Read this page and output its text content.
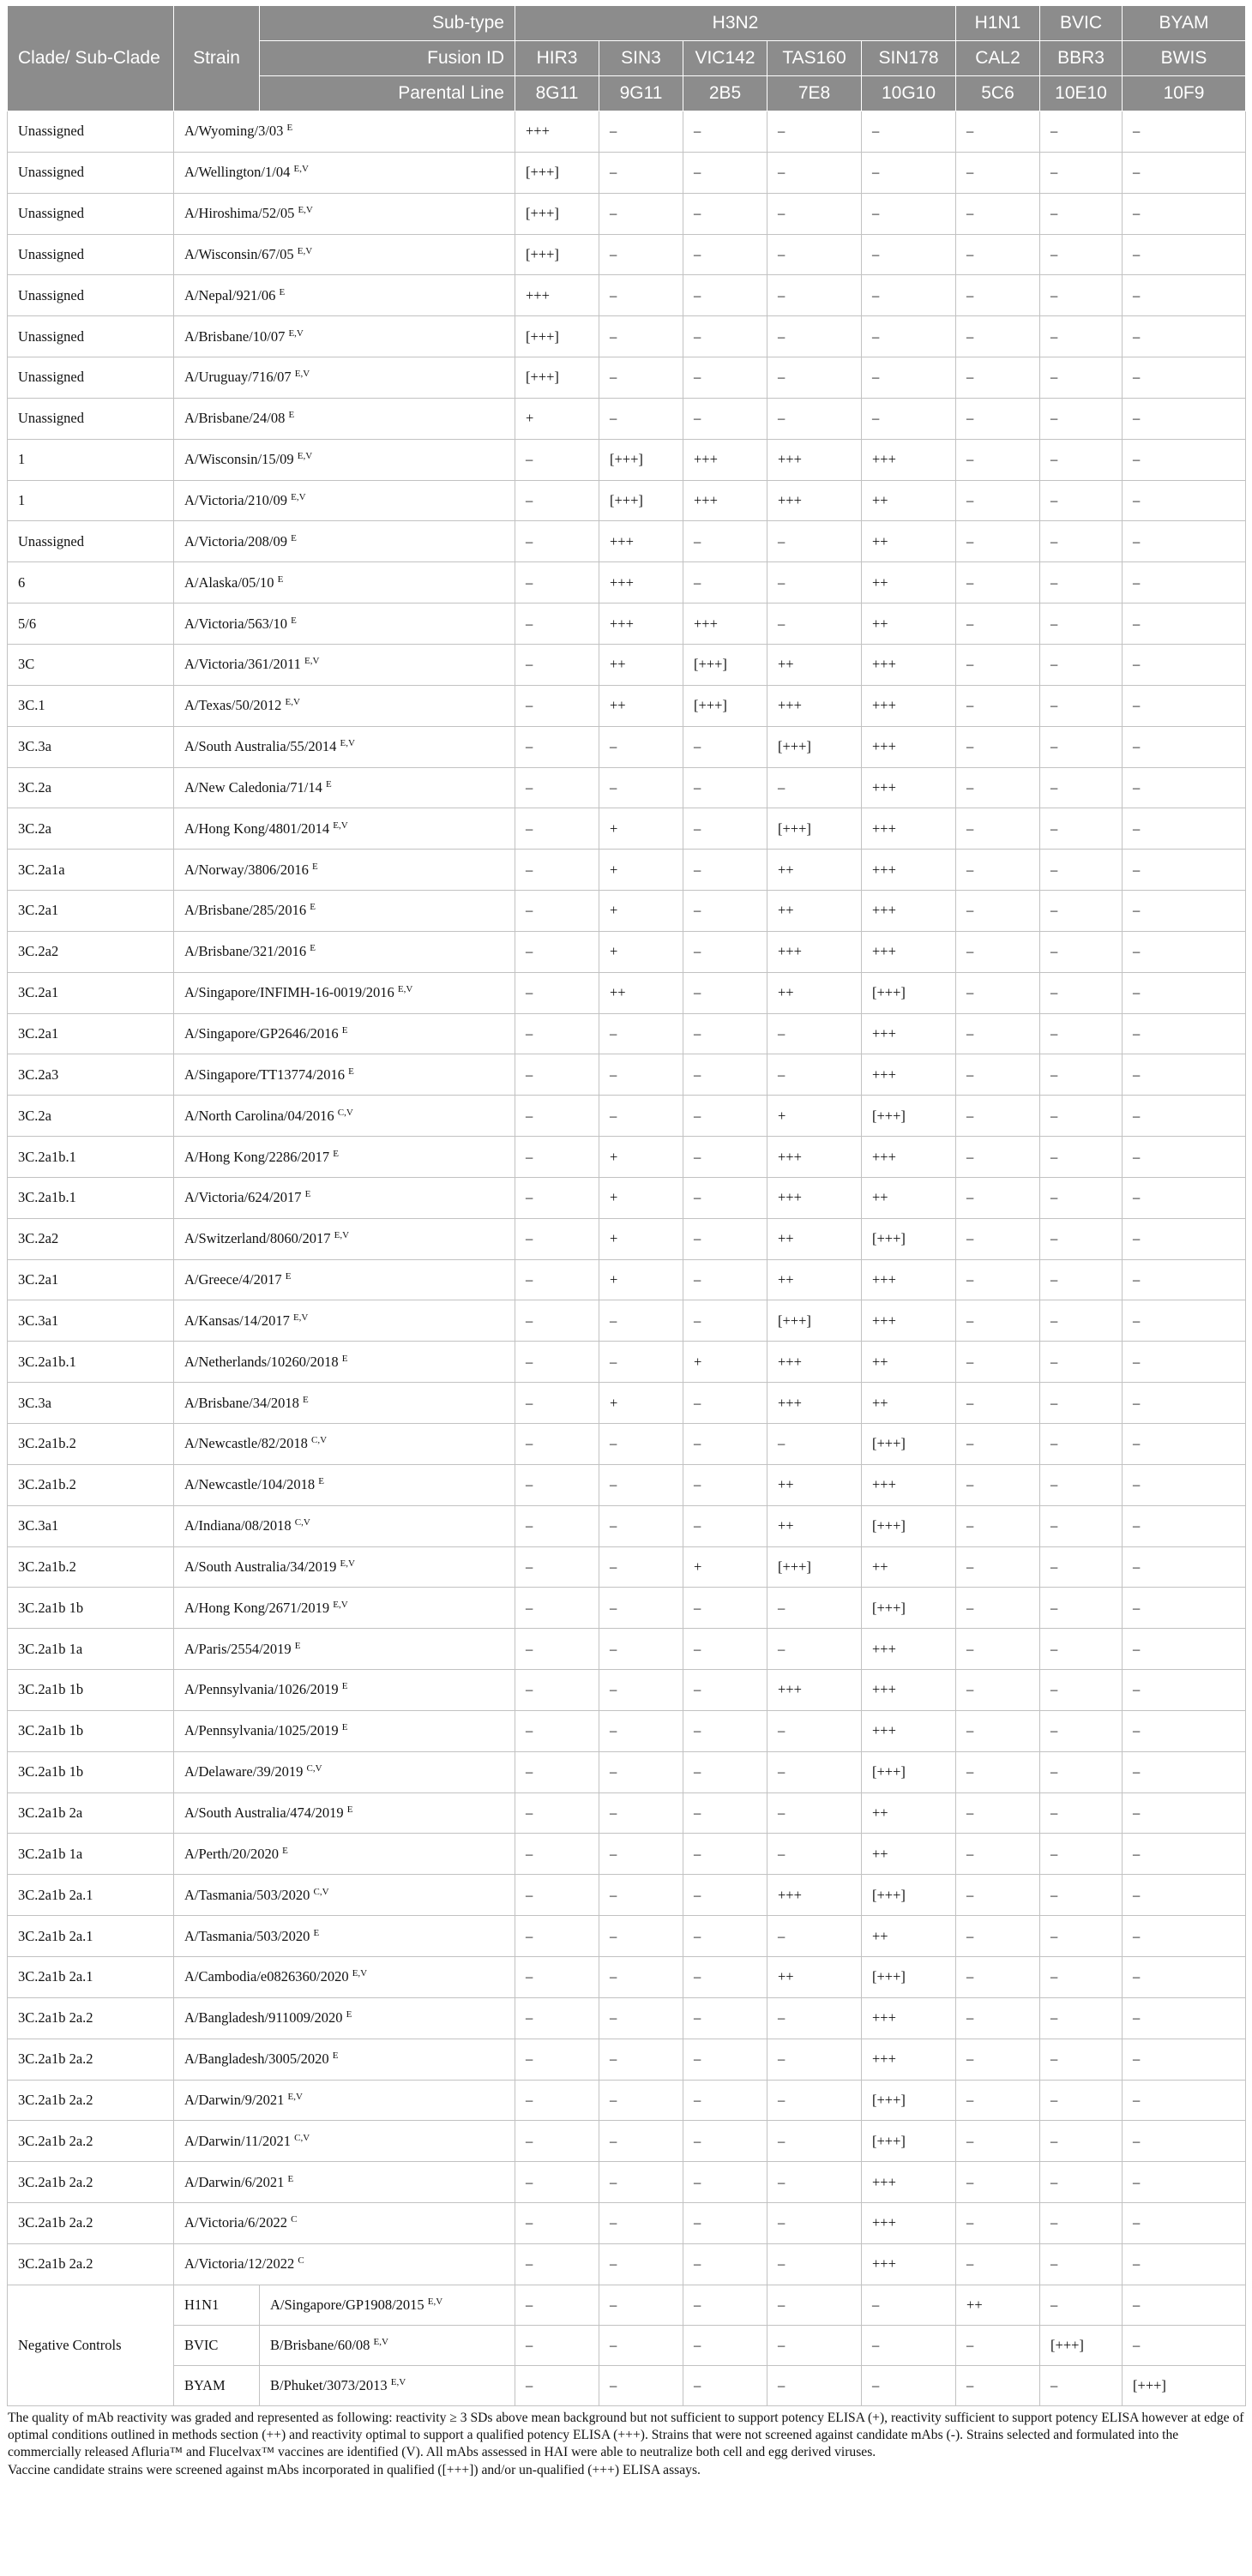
Clade/ Sub-Clade	Strain	Sub-type	H3N2					H1N1	BVIC	BYAM
		Fusion ID	HIR3	SIN3	VIC142	TAS160	SIN178	CAL2	BBR3	BWIS
		Parental Line	8G11	9G11	2B5	7E8	10G10	5C6	10E10	10F9
Unassigned	A/Wyoming/3/03 $^E$		+++	–	–	–	–	–	–	–
Unassigned	A/Wellington/1/04 $^{E,V}$		[+++]	–	–	–	–	–	–	–
Unassigned	A/Hiroshima/52/05 $^{E,V}$		[+++]	–	–	–	–	–	–	–
Unassigned	A/Wisconsin/67/05 $^{E,V}$		[+++]	–	–	–	–	–	–	–
Unassigned	A/Nepal/921/06 $^E$		+++	–	–	–	–	–	–	–
Unassigned	A/Brisbane/10/07 $^{E,V}$		[+++]	–	–	–	–	–	–	–
Unassigned	A/Uruguay/716/07 $^{E,V}$		[+++]	–	–	–	–	–	–	–
Unassigned	A/Brisbane/24/08 $^E$		+	–	–	–	–	–	–	–
1	A/Wisconsin/15/09 $^{E,V}$		–	[+++]	+++	+++	+++	–	–	–
1	A/Victoria/210/09 $^{E,V}$		–	[+++]	+++	+++	++	–	–	–
Unassigned	A/Victoria/208/09 $^E$		–	+++	–	–	++	–	–	–
6	A/Alaska/05/10 $^E$		–	+++	–	–	++	–	–	–
5/6	A/Victoria/563/10 $^E$		–	+++	+++	–	++	–	–	–
3C	A/Victoria/361/2011 $^{E,V}$		–	++	[+++]	++	+++	–	–	–
3C.1	A/Texas/50/2012 $^{E,V}$		–	++	[+++]	+++	+++	–	–	–
3C.3a	A/South Australia/55/2014 $^{E,V}$		–	–	–	[+++]	+++	–	–	–
3C.2a	A/New Caledonia/71/14 $^E$		–	–	–	–	+++	–	–	–
3C.2a	A/Hong Kong/4801/2014 $^{E,V}$		–	+	–	[+++]	+++	–	–	–
3C.2a1a	A/Norway/3806/2016 $^E$		–	+	–	++	+++	–	–	–
3C.2a1	A/Brisbane/285/2016 $^E$		–	+	–	++	+++	–	–	–
3C.2a2	A/Brisbane/321/2016 $^E$		–	+	–	+++	+++	–	–	–
3C.2a1	A/Singapore/INFIMH-16-0019/2016 $^{E,V}$		–	++	–	++	[+++]	–	–	–
3C.2a1	A/Singapore/GP2646/2016 $^E$		–	–	–	–	+++	–	–	–
3C.2a3	A/Singapore/TT13774/2016 $^E$		–	–	–	–	+++	–	–	–
3C.2a	A/North Carolina/04/2016 $^{C,V}$		–	–	–	+	[+++]	–	–	–
3C.2a1b.1	A/Hong Kong/2286/2017 $^E$		–	+	–	+++	+++	–	–	–
3C.2a1b.1	A/Victoria/624/2017 $^E$		–	+	–	+++	++	–	–	–
3C.2a2	A/Switzerland/8060/2017 $^{E,V}$		–	+	–	++	[+++]	–	–	–
3C.2a1	A/Greece/4/2017 $^E$		–	+	–	++	+++	–	–	–
3C.3a1	A/Kansas/14/2017 $^{E,V}$		–	–	–	[+++]	+++	–	–	–
3C.2a1b.1	A/Netherlands/10260/2018 $^E$		–	–	+	+++	++	–	–	–
3C.3a	A/Brisbane/34/2018 $^E$		–	+	–	+++	++	–	–	–
3C.2a1b.2	A/Newcastle/82/2018 $^{C,V}$		–	–	–	–	[+++]	–	–	–
3C.2a1b.2	A/Newcastle/104/2018 $^E$		–	–	–	++	+++	–	–	–
3C.3a1	A/Indiana/08/2018 $^{C,V}$		–	–	–	++	[+++]	–	–	–
3C.2a1b.2	A/South Australia/34/2019 $^{E,V}$		–	–	+	[+++]	++	–	–	–
3C.2a1b 1b	A/Hong Kong/2671/2019 $^{E,V}$		–	–	–	–	[+++]	–	–	–
3C.2a1b 1a	A/Paris/2554/2019 $^E$		–	–	–	–	+++	–	–	–
3C.2a1b 1b	A/Pennsylvania/1026/2019 $^E$		–	–	–	+++	+++	–	–	–
3C.2a1b 1b	A/Pennsylvania/1025/2019 $^E$		–	–	–	–	+++	–	–	–
3C.2a1b 1b	A/Delaware/39/2019 $^{C,V}$		–	–	–	–	[+++]	–	–	–
3C.2a1b 2a	A/South Australia/474/2019 $^E$		–	–	–	–	++	–	–	–
3C.2a1b 1a	A/Perth/20/2020 $^E$		–	–	–	–	++	–	–	–
3C.2a1b 2a.1	A/Tasmania/503/2020 $^{C,V}$		–	–	–	+++	[+++]	–	–	–
3C.2a1b 2a.1	A/Tasmania/503/2020 $^E$		–	–	–	–	++	–	–	–
3C.2a1b 2a.1	A/Cambodia/e0826360/2020 $^{E,V}$		–	–	–	++	[+++]	–	–	–
3C.2a1b 2a.2	A/Bangladesh/911009/2020 $^E$		–	–	–	–	+++	–	–	–
3C.2a1b 2a.2	A/Bangladesh/3005/2020 $^E$		–	–	–	–	+++	–	–	–
3C.2a1b 2a.2	A/Darwin/9/2021 $^{E,V}$		–	–	–	–	[+++]	–	–	–
3C.2a1b 2a.2	A/Darwin/11/2021 $^{C,V}$		–	–	–	–	[+++]	–	–	–
3C.2a1b 2a.2	A/Darwin/6/2021 $^E$		–	–	–	–	+++	–	–	–
3C.2a1b 2a.2	A/Victoria/6/2022 $^C$		–	–	–	–	+++	–	–	–
3C.2a1b 2a.2	A/Victoria/12/2022 $^C$		–	–	–	–	+++	–	–	–
Negative Controls	H1N1	A/Singapore/GP1908/2015 $^{E,V}$	–	–	–	–	–	++	–	–
	BVIC	B/Brisbane/60/08 $^{E,V}$	–	–	–	–	–	–	[+++]	–
	BYAM	B/Phuket/3073/2013 $^{E,V}$	–	–	–	–	–	–	–	[+++]

The quality of mAb reactivity was graded and represented as following: reactivity ≥ 3 SDs above mean background but not sufficient to support potency ELISA (+), reactivity sufficient to support potency ELISA however at edge of optimal conditions outlined in methods section (++) and reactivity optimal to support a qualified potency ELISA (+++). Strains that were not screened against candidate mAbs (-). Strains selected and formulated into the commercially released Afluria™ and Flucelvax™ vaccines are identified (V). All mAbs assessed in HAI were able to neutralize both cell and egg derived viruses.

Vaccine candidate strains were screened against mAbs incorporated in qualified ([+++]) and/or un-qualified (+++) ELISA assays.
